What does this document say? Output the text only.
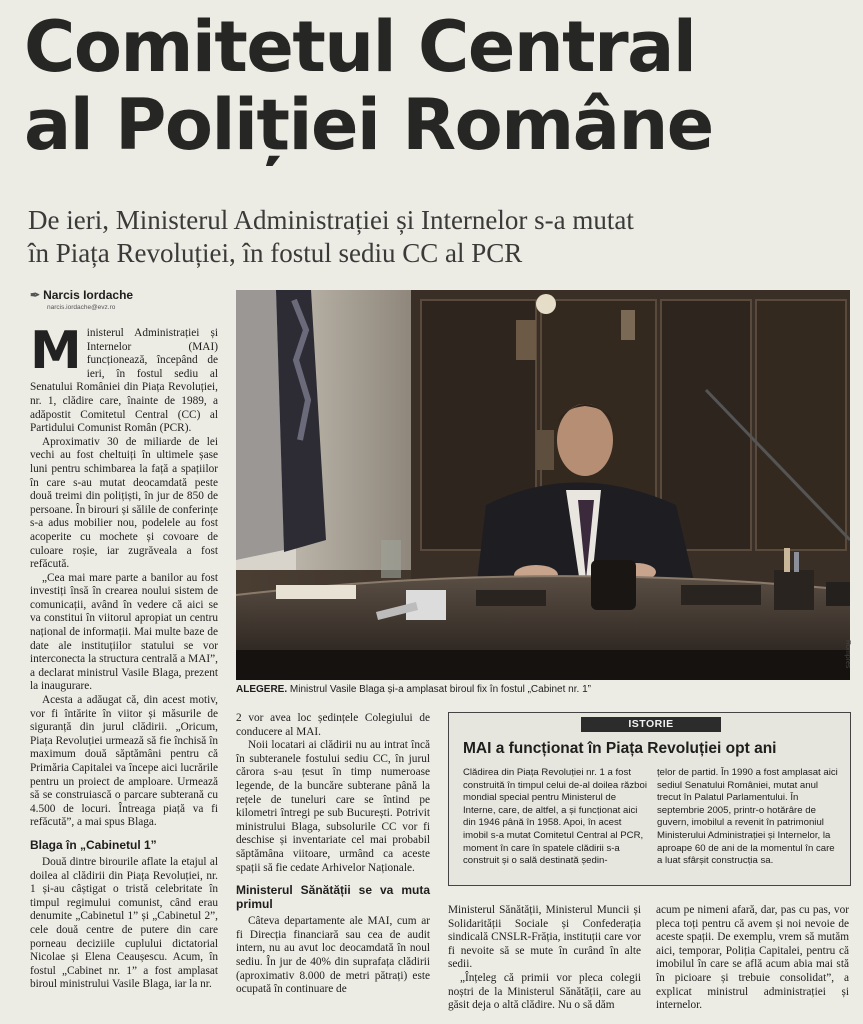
Comitetul Central
al Poliției Române
De ieri, Ministerul Administrației și Internelor s-a mutat
în Piața Revoluției, în fostul sediu CC al PCR
✒ Narcis Iordache
narcis.iordache@evz.ro

Ministerul Administrației și Internelor (MAI) funcționează, începând de ieri, în fostul sediu al Senatului României din Piața Revoluției, nr. 1, clădire care, înainte de 1989, a adăpostit Comitetul Central (CC) al Partidului Comunist Român (PCR).

Aproximativ 30 de miliarde de lei vechi au fost cheltuiți în ultimele șase luni pentru schimbarea la față a spațiilor în care s-au mutat deocamdată peste două treimi din polițiști, în jur de 850 de persoane. În birouri și sălile de conferințe s-a adus mobilier nou, podelele au fost acoperite cu mochete și covoare de culoare roșie, iar zugrăveala a fost refăcută.

„Cea mai mare parte a banilor au fost investiți însă în crearea noului sistem de comunicații, având în vedere că aici se va constitui în viitorul apropiat un centru național de informații. Mai multe baze de date ale instituțiilor statului se vor interconecta la structura centrală a MAI”, a declarat ministrul Vasile Blaga, prezent la inaugurare.

Acesta a adăugat că, din acest motiv, vor fi întărite în viitor și măsurile de siguranță din jurul clădirii. „Oricum, Piața Revoluției urmează să fie închisă în maximum două săptămâni pentru că Primăria Capitalei va începe aici lucrările pentru un proiect de amploare. Urmează să se construiască o parcare subterană cu 4.500 de locuri. Întreaga piață va fi refăcută”, a mai spus Blaga.

Blaga în „Cabinetul 1”

Două dintre birourile aflate la etajul al doilea al clădirii din Piața Revoluției, nr. 1 și-au câștigat o tristă celebritate în timpul regimului comunist, când erau denumite „Cabinetul 1” și „Cabinetul 2”, cele două centre de putere din care porneau deciziile cuplului dictatorial Nicolae și Elena Ceaușescu. Acum, în fostul „Cabinet nr. 1” a fost amplasat biroul ministrului Vasile Blaga, iar la nr.

Rompres
ALEGERE. Ministrul Vasile Blaga și-a amplasat biroul fix în fostul „Cabinet nr. 1”

2 vor avea loc ședințele Colegiului de conducere al MAI.

Noii locatari ai clădirii nu au intrat încă în subteranele fostului sediu CC, în jurul cărora s-au țesut în timp numeroase legende, de la buncăre subterane până la rețele de tuneluri care se întind pe kilometri întregi pe sub București. Potrivit ministrului Blaga, subsolurile CC vor fi deschise și inventariate cel mai probabil săptămâna viitoare, urmând ca aceste spații să fie cedate Arhivelor Naționale.

Ministerul Sănătății se va muta primul

Câteva departamente ale MAI, cum ar fi Direcția financiară sau cea de audit intern, nu au avut loc deocamdată în noul sediu. În jur de 40% din suprafața clădirii (aproximativ 8.000 de metri pătrați) este ocupată în continuare de

ISTORIE
MAI a funcționat în Piața Revoluției opt ani

Clădirea din Piața Revoluției nr. 1 a fost construită în timpul celui de-al doilea război mondial special pentru Ministerul de Interne, care, de altfel, a și funcționat aici din 1946 până în 1958. Apoi, în acest imobil s-a mutat Comitetul Central al PCR, moment în care în spatele clădirii s-a construit și o sală destinată ședin-

țelor de partid. În 1990 a fost amplasat aici sediul Senatului României, mutat anul trecut în Palatul Parlamentului. În septembrie 2005, printr-o hotărâre de guvern, imobilul a revenit în patrimoniul Ministerului Administrației și Internelor, la aproape 60 de ani de la momentul în care a luat sfârșit construcția sa.

Ministerul Sănătății, Ministerul Muncii și Solidarității Sociale și Confederația sindicală CNSLR-Frăția, instituții care vor fi nevoite să se mute în curând în alte sedii.

„Înțeleg că primii vor pleca colegii noștri de la Ministerul Sănătății, care au găsit deja o altă clădire. Nu o să dăm

acum pe nimeni afară, dar, pas cu pas, vor pleca toți pentru că avem și noi nevoie de aceste spații. De exemplu, vrem să mutăm aici, temporar, Poliția Capitalei, pentru că imobilul în care se află acum abia mai stă în picioare și trebuie consolidat”, a explicat ministrul administrației și internelor.
